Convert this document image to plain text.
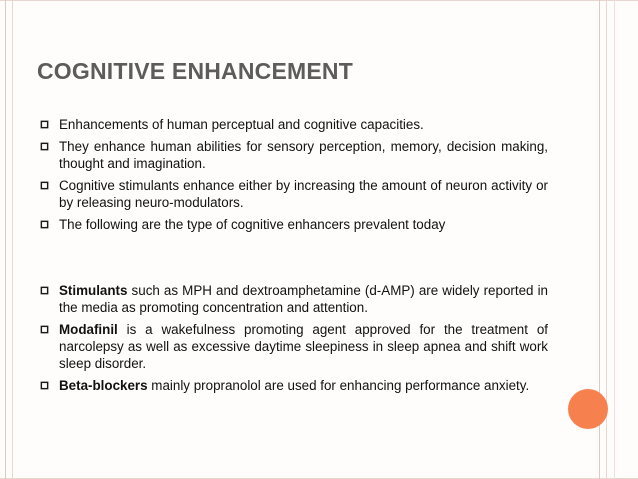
COGNITIVE ENHANCEMENT
Enhancements of human perceptual and cognitive capacities.
They enhance human abilities for sensory perception, memory, decision making, thought and imagination.
Cognitive stimulants enhance either by increasing the amount of neuron activity or by releasing neuro-modulators.
The following are the type of cognitive enhancers prevalent today
Stimulants such as MPH and dextroamphetamine (d-AMP) are widely reported in the media as promoting concentration and attention.
Modafinil is a wakefulness promoting agent approved for the treatment of narcolepsy as well as excessive daytime sleepiness in sleep apnea and shift work sleep disorder.
Beta-blockers mainly propranolol are used for enhancing performance anxiety.
